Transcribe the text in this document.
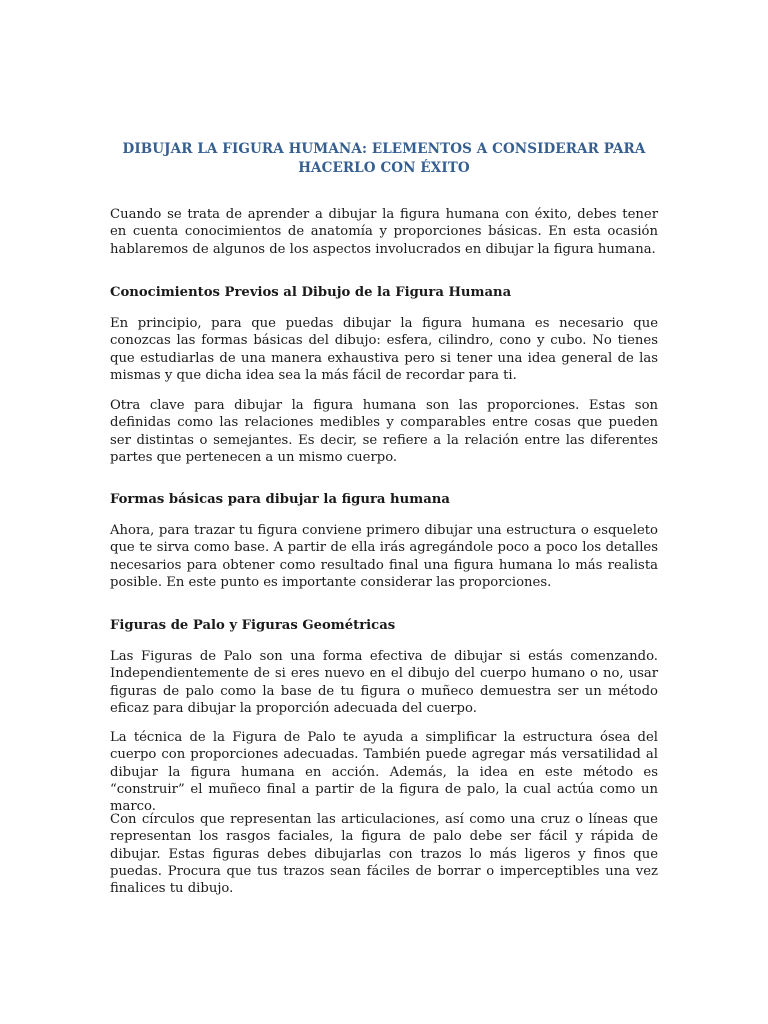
DIBUJAR LA FIGURA HUMANA: ELEMENTOS A CONSIDERAR PARA
HACERLO CON ÉXITO

Cuando se trata de aprender a dibujar la figura humana con éxito, debes tener en cuenta conocimientos de anatomía y proporciones básicas. En esta ocasión hablaremos de algunos de los aspectos involucrados en dibujar la figura humana.

Conocimientos Previos al Dibujo de la Figura Humana

En principio, para que puedas dibujar la figura humana es necesario que conozcas las formas básicas del dibujo: esfera, cilindro, cono y cubo. No tienes que estudiarlas de una manera exhaustiva pero si tener una idea general de las mismas y que dicha idea sea la más fácil de recordar para ti.

Otra clave para dibujar la figura humana son las proporciones. Estas son definidas como las relaciones medibles y comparables entre cosas que pueden ser distintas o semejantes. Es decir, se refiere a la relación entre las diferentes partes que pertenecen a un mismo cuerpo.

Formas básicas para dibujar la figura humana

Ahora, para trazar tu figura conviene primero dibujar una estructura o esqueleto que te sirva como base. A partir de ella irás agregándole poco a poco los detalles necesarios para obtener como resultado final una figura humana lo más realista posible. En este punto es importante considerar las proporciones.

Figuras de Palo y Figuras Geométricas

Las Figuras de Palo son una forma efectiva de dibujar si estás comenzando. Independientemente de si eres nuevo en el dibujo del cuerpo humano o no, usar figuras de palo como la base de tu figura o muñeco demuestra ser un método eficaz para dibujar la proporción adecuada del cuerpo.

La técnica de la Figura de Palo te ayuda a simplificar la estructura ósea del cuerpo con proporciones adecuadas. También puede agregar más versatilidad al dibujar la figura humana en acción. Además, la idea en este método es “construir” el muñeco final a partir de la figura de palo, la cual actúa como un marco.

Con círculos que representan las articulaciones, así como una cruz o líneas que representan los rasgos faciales, la figura de palo debe ser fácil y rápida de dibujar. Estas figuras debes dibujarlas con trazos lo más ligeros y finos que puedas. Procura que tus trazos sean fáciles de borrar o imperceptibles una vez finalices tu dibujo.
